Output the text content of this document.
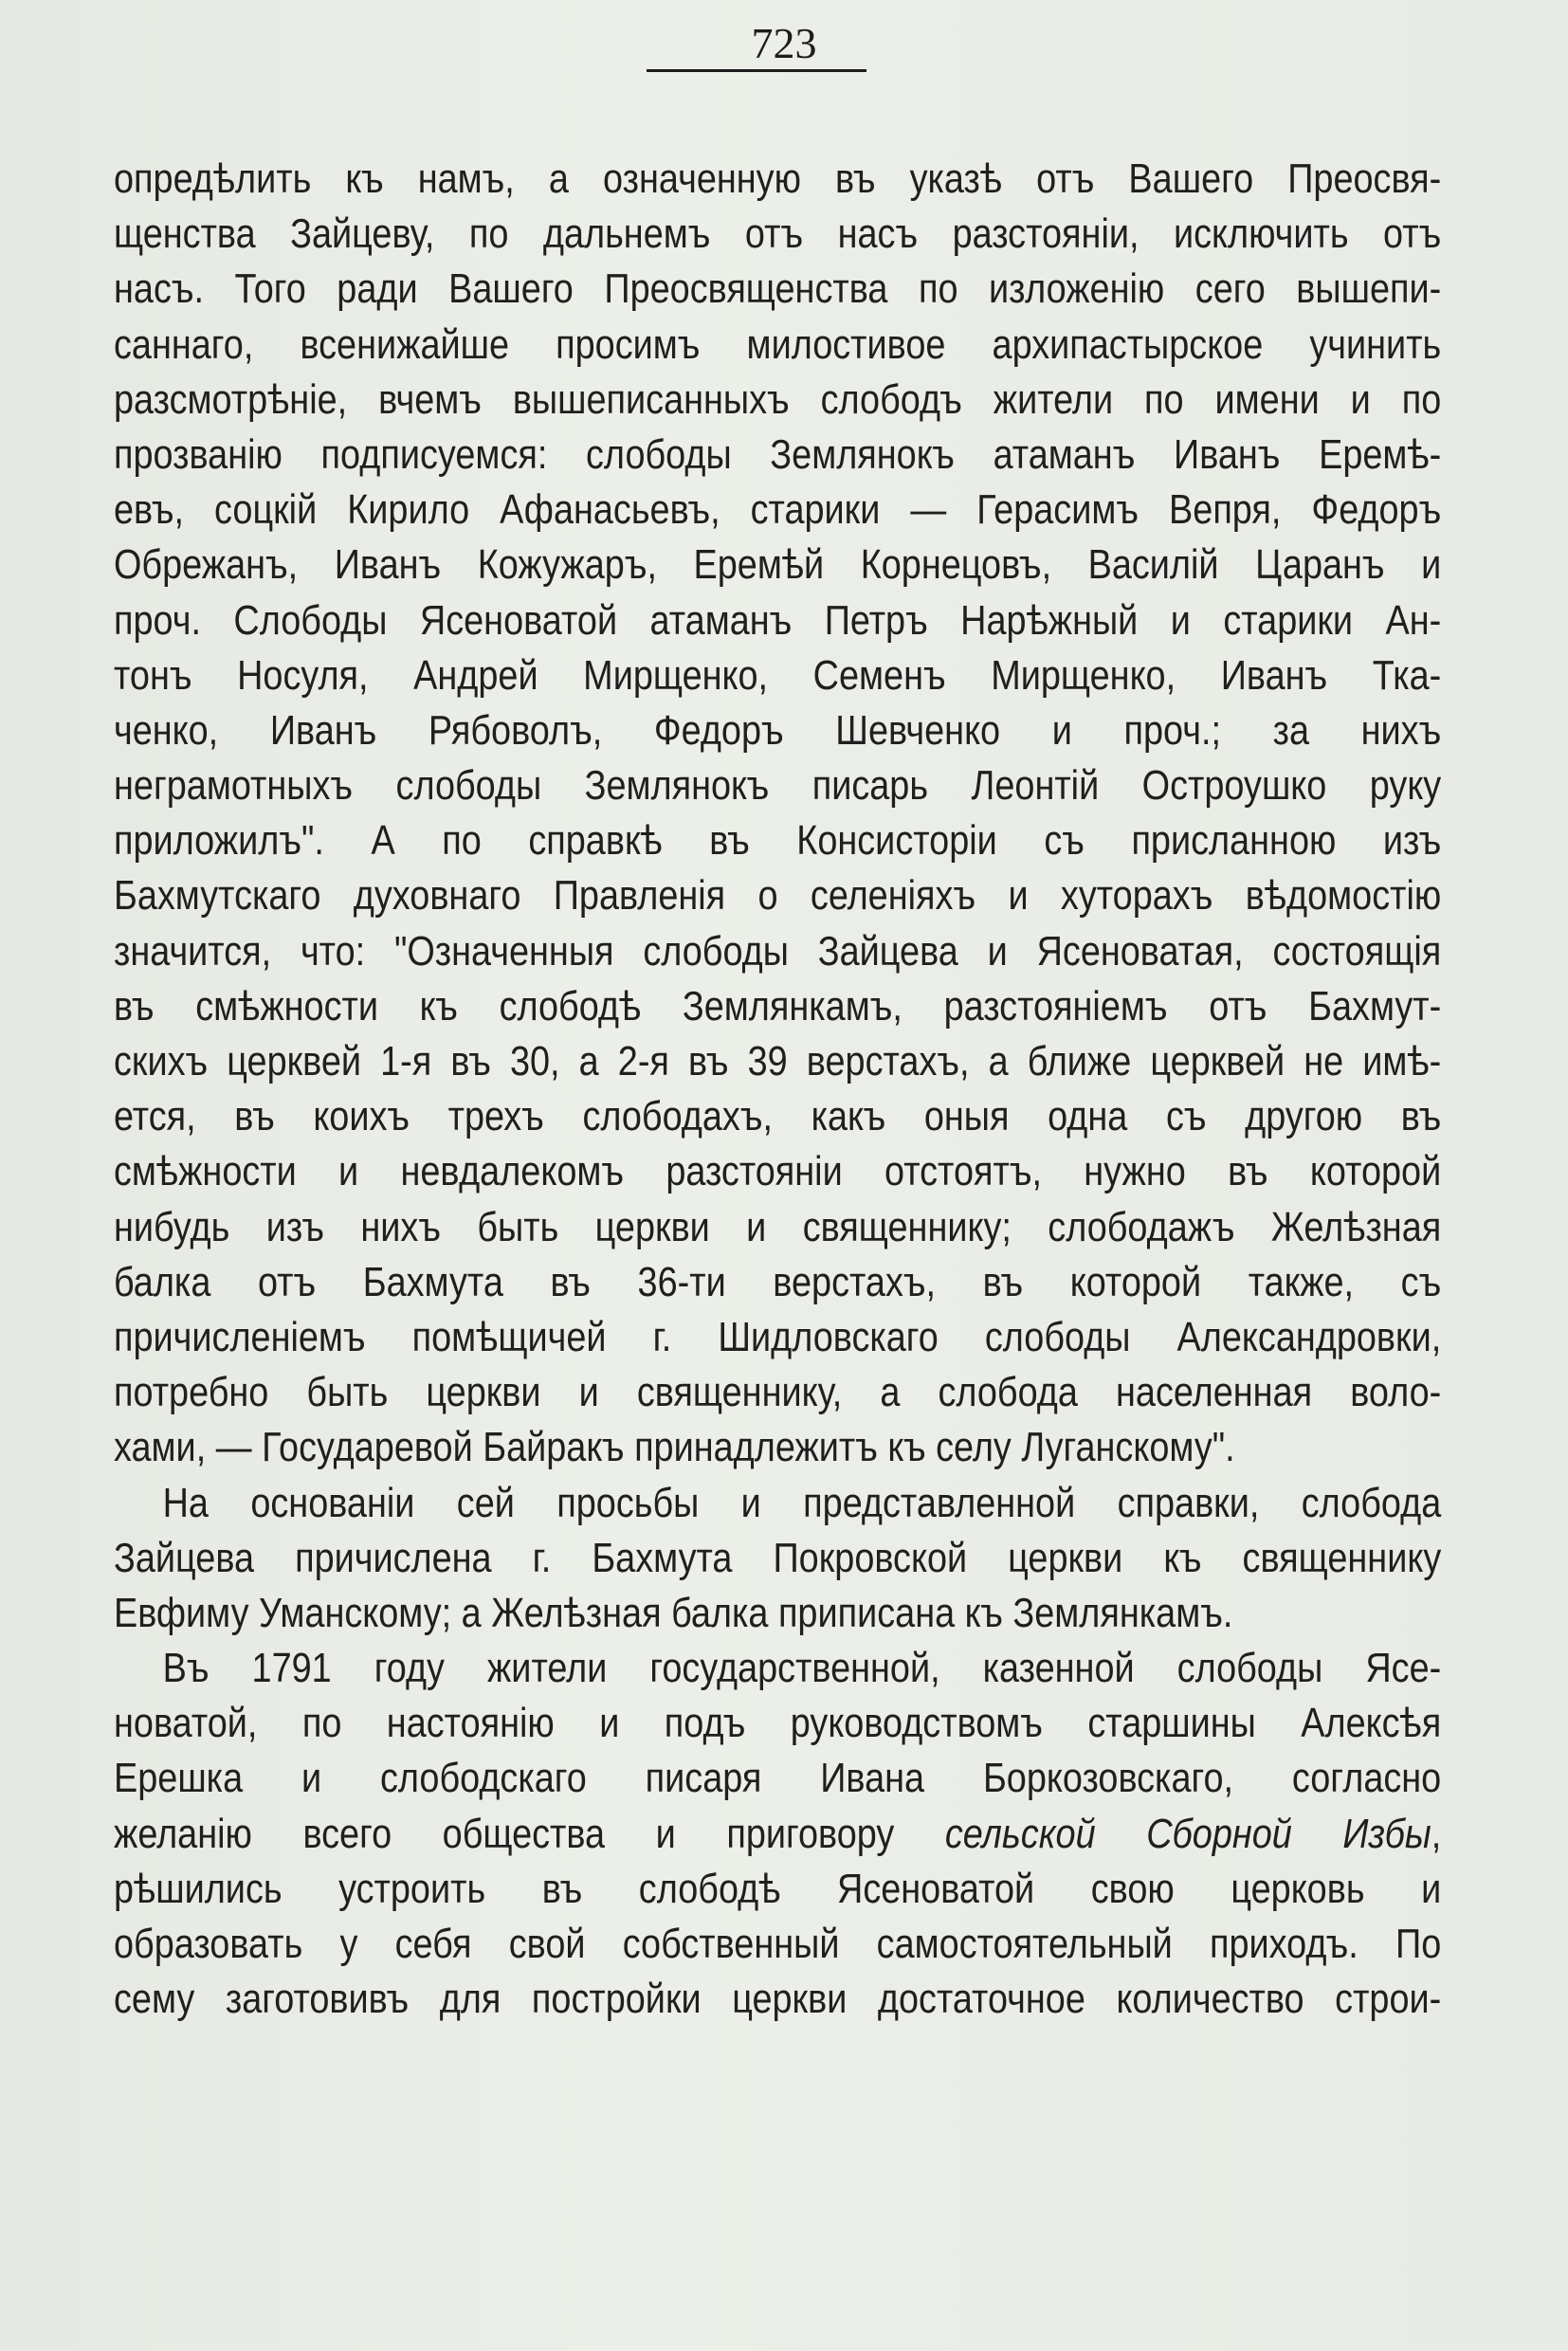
723
опредѣлить къ намъ, а означенную въ указѣ отъ Вашего Преосвя-
щенства Зайцеву, по дальнемъ отъ насъ разстояніи, исключить отъ
насъ. Того ради Вашего Преосвященства по изложенію сего вышепи-
саннаго, всенижайше просимъ милостивое архипастырское учинить
разсмотрѣніе, вчемъ вышеписанныхъ слободъ жители по имени и по
прозванію подписуемся: слободы Землянокъ атаманъ Иванъ Еремѣ-
евъ, соцкій Кирило Афанасьевъ, старики — Герасимъ Вепря, Федоръ
Обрежанъ, Иванъ Кожужаръ, Еремѣй Корнецовъ, Василій Царанъ и
проч. Слободы Ясеноватой атаманъ Петръ Нарѣжный и старики Ан-
тонъ Носуля, Андрей Мирщенко, Семенъ Мирщенко, Иванъ Тка-
ченко, Иванъ Рябоволъ, Федоръ Шевченко и проч.; за нихъ
неграмотныхъ слободы Землянокъ писарь Леонтій Остроушко руку
приложилъ". А по справкѣ въ Консисторіи съ присланною изъ
Бахмутскаго духовнаго Правленія о селеніяхъ и хуторахъ вѣдомостію
значится, что: "Означенныя слободы Зайцева и Ясеноватая, состоящія
въ смѣжности къ слободѣ Землянкамъ, разстояніемъ отъ Бахмут-
скихъ церквей 1-я въ 30, а 2-я въ 39 верстахъ, а ближе церквей не имѣ-
ется, въ коихъ трехъ слободахъ, какъ оныя одна съ другою въ
смѣжности и невдалекомъ разстояніи отстоятъ, нужно въ которой
нибудь изъ нихъ быть церкви и священнику; слободажъ Желѣзная
балка отъ Бахмута въ 36-ти верстахъ, въ которой также, съ
причисленіемъ помѣщичей г. Шидловскаго слободы Александровки,
потребно быть церкви и священнику, а слобода населенная воло-
хами, — Государевой Байракъ принадлежитъ къ селу Луганскому".
На основаніи сей просьбы и представленной справки, слобода
Зайцева причислена г. Бахмута Покровской церкви къ священнику
Евфиму Уманскому; а Желѣзная балка приписана къ Землянкамъ.
Въ 1791 году жители государственной, казенной слободы Ясе-
новатой, по настоянію и подъ руководствомъ старшины Алексѣя
Ерешка и слободскаго писаря Ивана Боркозовскаго, согласно
желанію всего общества и приговору сельской Сборной Избы,
рѣшились устроить въ слободѣ Ясеноватой свою церковь и
образовать у себя свой собственный самостоятельный приходъ. По
сему заготовивъ для постройки церкви достаточное количество строи-
